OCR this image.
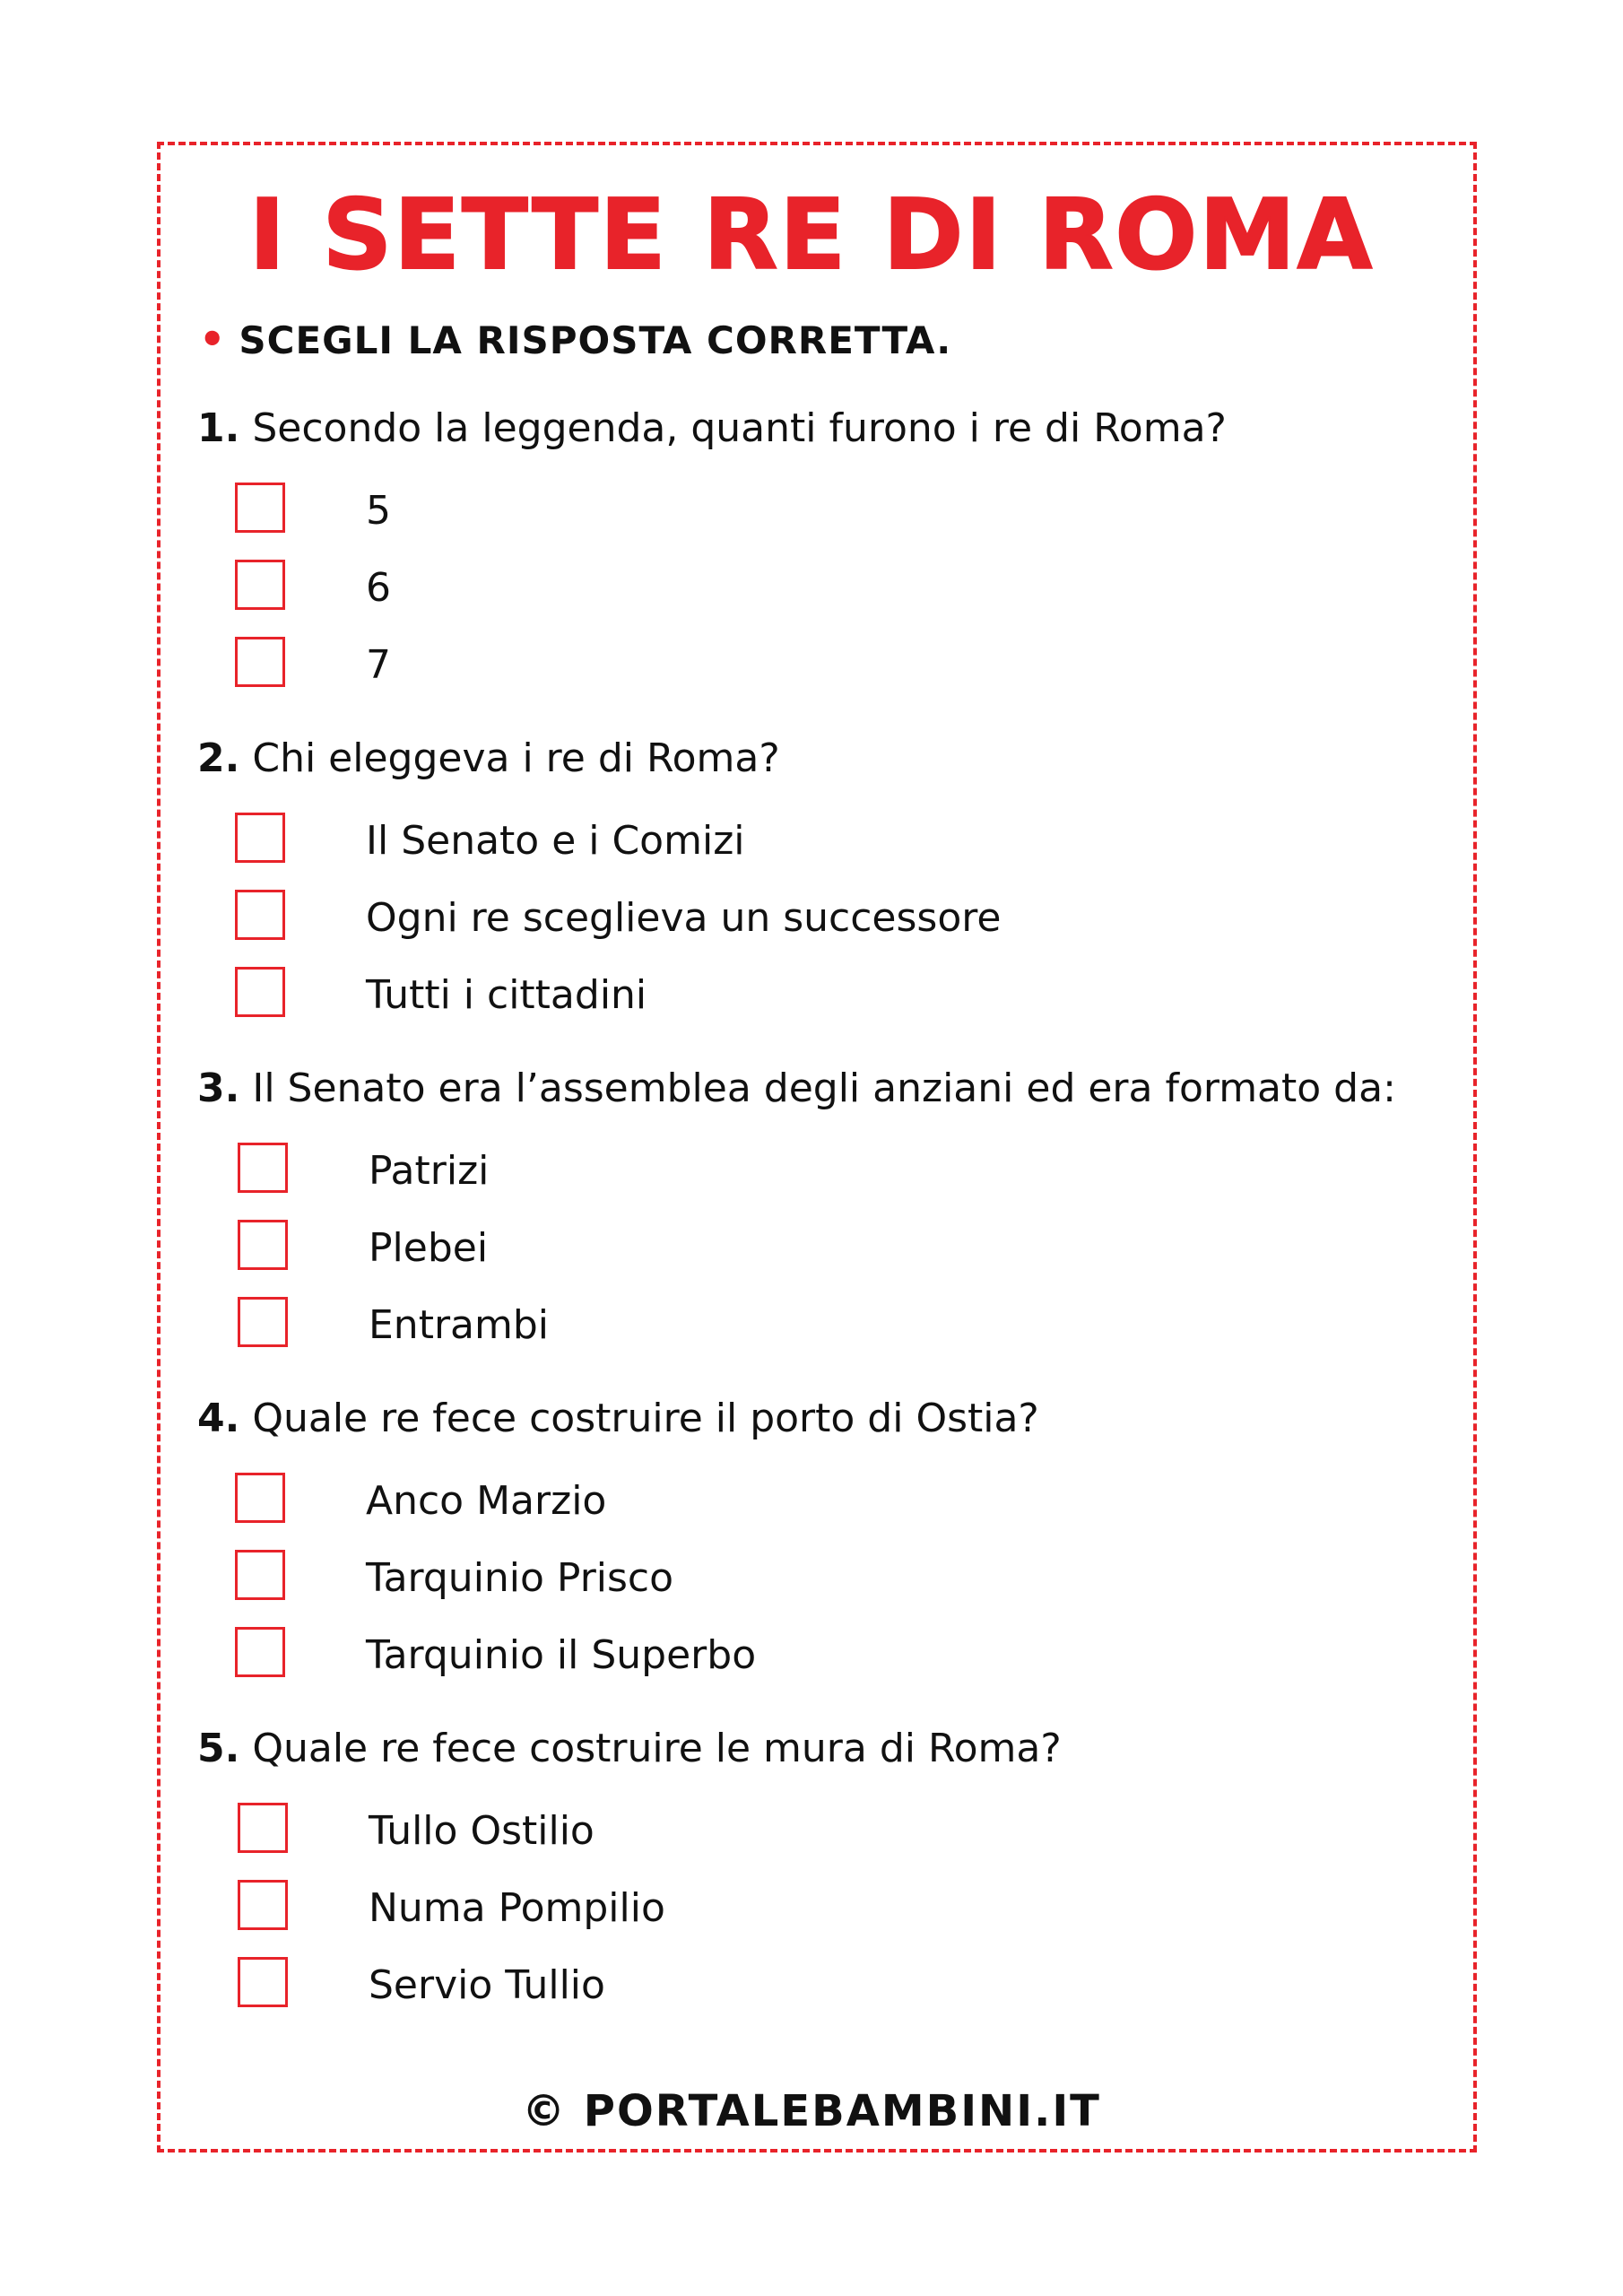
I SETTE RE DI ROMA
• SCEGLI LA RISPOSTA CORRETTA.
1. Secondo la leggenda, quanti furono i re di Roma?
5
6
7
2. Chi eleggeva i re di Roma?
Il Senato e i Comizi
Ogni re sceglieva un successore
Tutti i cittadini
3. Il Senato era l’assemblea degli anziani ed era formato da:
Patrizi
Plebei
Entrambi
4. Quale re fece costruire il porto di Ostia?
Anco Marzio
Tarquinio Prisco
Tarquinio il Superbo
5. Quale re fece costruire le mura di Roma?
Tullo Ostilio
Numa Pompilio
Servio Tullio
© PORTALEBAMBINI.IT
